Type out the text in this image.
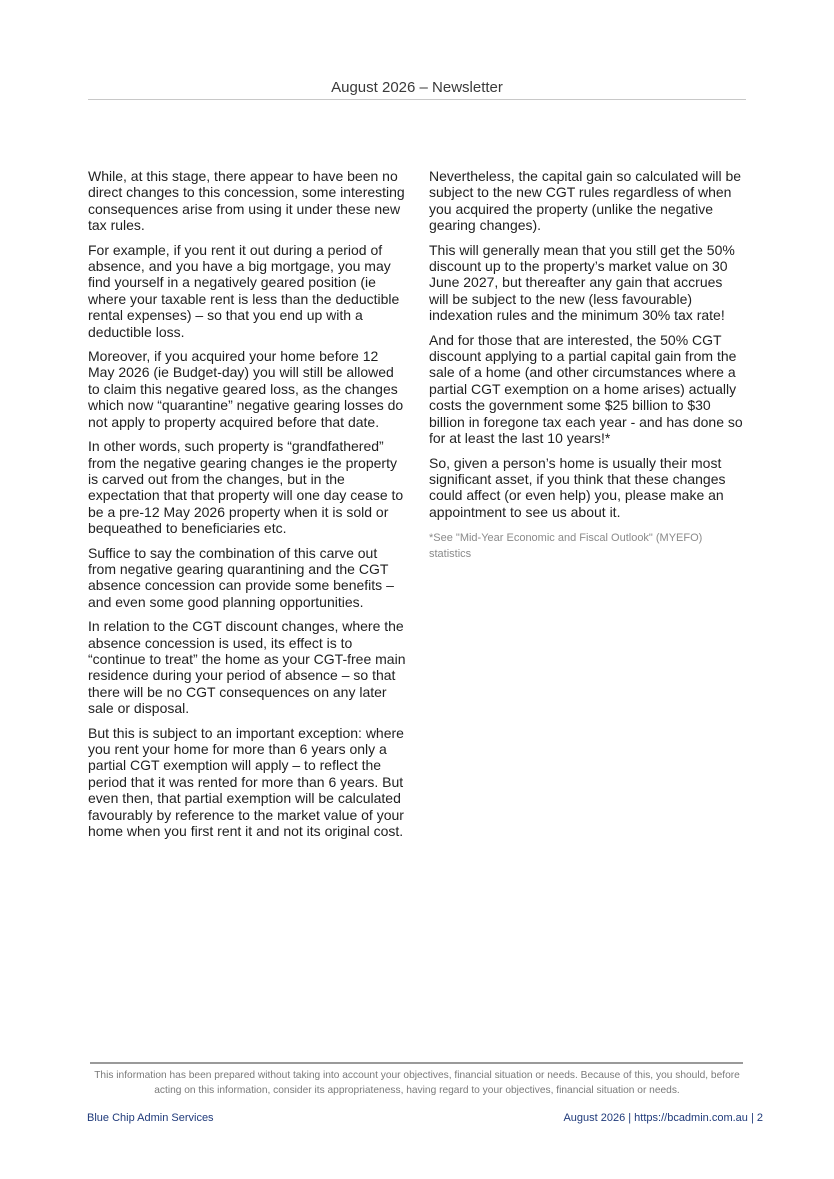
August 2026 – Newsletter

While, at this stage, there appear to have been no direct changes to this concession, some interesting consequences arise from using it under these new tax rules.

For example, if you rent it out during a period of absence, and you have a big mortgage, you may find yourself in a negatively geared position (ie where your taxable rent is less than the deductible rental expenses) – so that you end up with a deductible loss.

Moreover, if you acquired your home before 12 May 2026 (ie Budget-day) you will still be allowed to claim this negative geared loss, as the changes which now “quarantine” negative gearing losses do not apply to property acquired before that date.

In other words, such property is “grandfathered” from the negative gearing changes ie the property is carved out from the changes, but in the expectation that that property will one day cease to be a pre-12 May 2026 property when it is sold or bequeathed to beneficiaries etc.

Suffice to say the combination of this carve out from negative gearing quarantining and the CGT absence concession can provide some benefits – and even some good planning opportunities.

In relation to the CGT discount changes, where the absence concession is used, its effect is to “continue to treat” the home as your CGT-free main residence during your period of absence – so that there will be no CGT consequences on any later sale or disposal.

But this is subject to an important exception: where you rent your home for more than 6 years only a partial CGT exemption will apply – to reflect the period that it was rented for more than 6 years. But even then, that partial exemption will be calculated favourably by reference to the market value of your home when you first rent it and not its original cost.

Nevertheless, the capital gain so calculated will be subject to the new CGT rules regardless of when you acquired the property (unlike the negative gearing changes).

This will generally mean that you still get the 50% discount up to the property’s market value on 30 June 2027, but thereafter any gain that accrues will be subject to the new (less favourable) indexation rules and the minimum 30% tax rate!

And for those that are interested, the 50% CGT discount applying to a partial capital gain from the sale of a home (and other circumstances where a partial CGT exemption on a home arises) actually costs the government some $25 billion to $30 billion in foregone tax each year - and has done so for at least the last 10 years!*

So, given a person’s home is usually their most significant asset, if you think that these changes could affect (or even help) you, please make an appointment to see us about it.

*See "Mid-Year Economic and Fiscal Outlook" (MYEFO) statistics

This information has been prepared without taking into account your objectives, financial situation or needs. Because of this, you should, before acting on this information, consider its appropriateness, having regard to your objectives, financial situation or needs.
Blue Chip Admin Services	August 2026 | https://bcadmin.com.au | 2
